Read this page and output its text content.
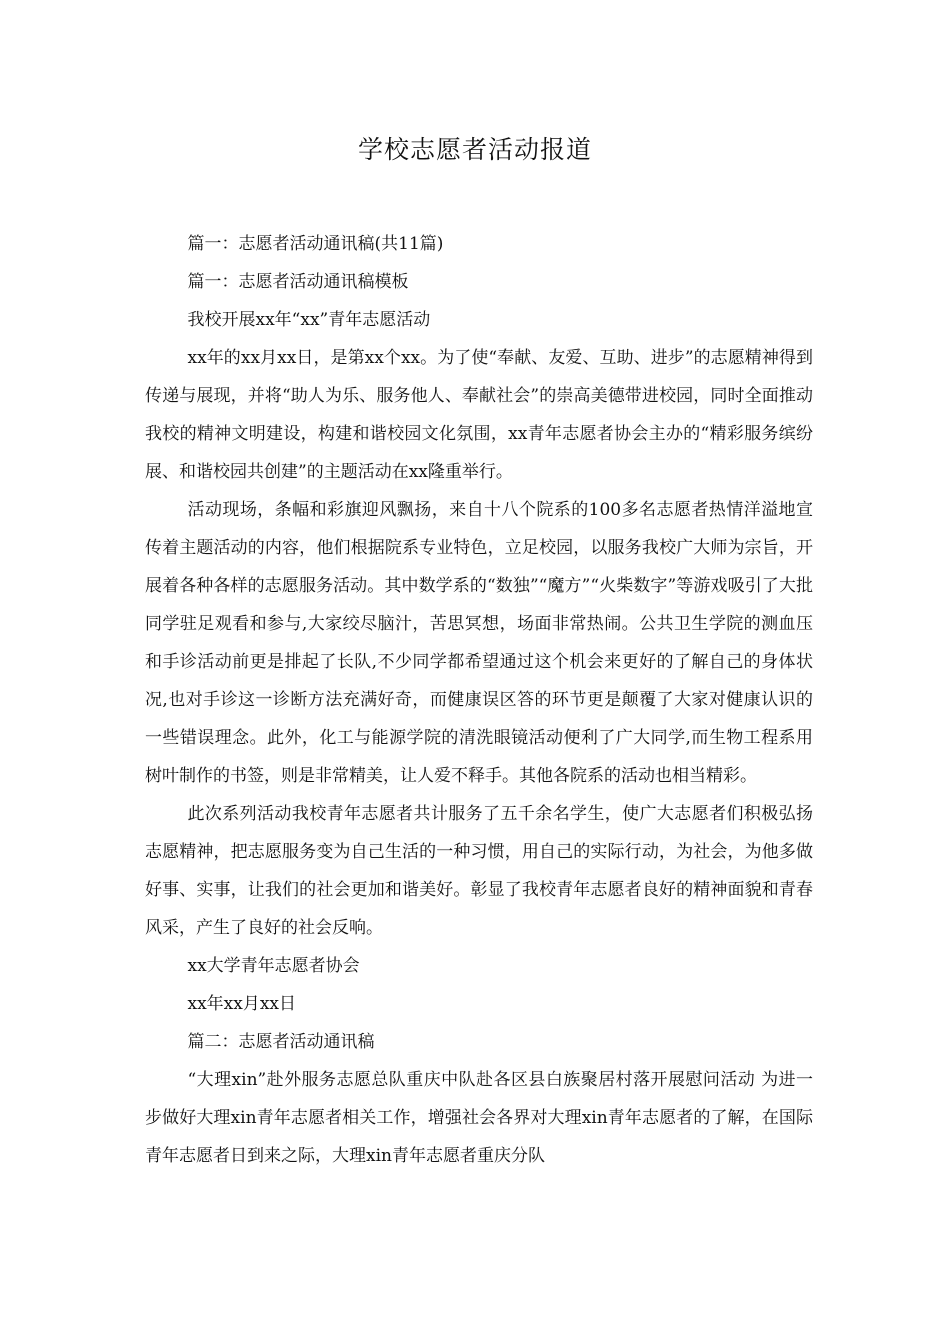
学校志愿者活动报道

篇一：志愿者活动通讯稿(共11篇)

篇一：志愿者活动通讯稿模板

我校开展xx年“xx”青年志愿活动

xx年的xx月xx日，是第xx个xx。为了使“奉献、友爱、互助、进步”的志愿精神得到传递与展现，并将“助人为乐、服务他人、奉献社会”的崇高美德带进校园，同时全面推动我校的精神文明建设，构建和谐校园文化氛围，xx青年志愿者协会主办的“精彩服务缤纷展、和谐校园共创建”的主题活动在xx隆重举行。

活动现场，条幅和彩旗迎风飘扬，来自十八个院系的100多名志愿者热情洋溢地宣传着主题活动的内容，他们根据院系专业特色，立足校园，以服务我校广大师为宗旨，开展着各种各样的志愿服务活动。其中数学系的“数独”“魔方”“火柴数字”等游戏吸引了大批同学驻足观看和参与,大家绞尽脑汁，苦思冥想，场面非常热闹。公共卫生学院的测血压和手诊活动前更是排起了长队,不少同学都希望通过这个机会来更好的了解自己的身体状况,也对手诊这一诊断方法充满好奇，而健康误区答的环节更是颠覆了大家对健康认识的一些错误理念。此外，化工与能源学院的清洗眼镜活动便利了广大同学,而生物工程系用树叶制作的书签，则是非常精美，让人爱不释手。其他各院系的活动也相当精彩。

此次系列活动我校青年志愿者共计服务了五千余名学生，使广大志愿者们积极弘扬志愿精神，把志愿服务变为自己生活的一种习惯，用自己的实际行动，为社会，为他多做好事、实事，让我们的社会更加和谐美好。彰显了我校青年志愿者良好的精神面貌和青春风采，产生了良好的社会反响。

xx大学青年志愿者协会

xx年xx月xx日

篇二：志愿者活动通讯稿

“大理xin”赴外服务志愿总队重庆中队赴各区县白族聚居村落开展慰问活动 为进一步做好大理xin青年志愿者相关工作，增强社会各界对大理xin青年志愿者的了解，在国际青年志愿者日到来之际，大理xin青年志愿者重庆分队
